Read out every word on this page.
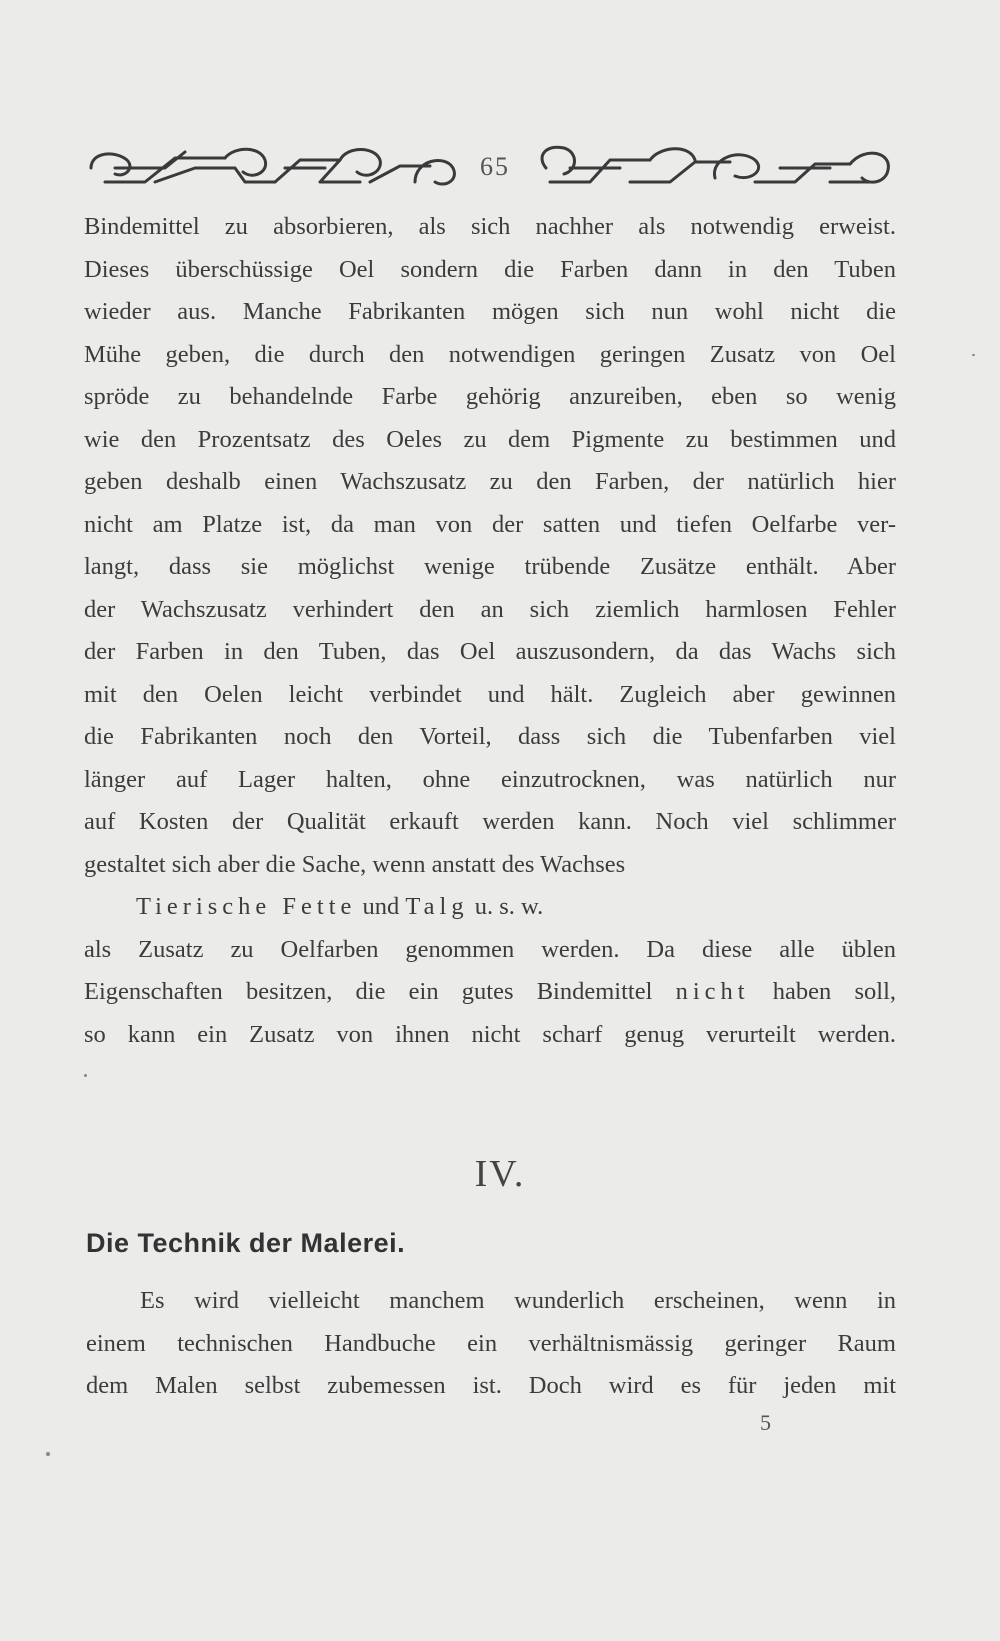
65
Bindemittel zu absorbieren, als sich nachher als notwendig erweist.
Dieses überschüssige Oel sondern die Farben dann in den Tuben
wieder aus. Manche Fabrikanten mögen sich nun wohl nicht die
Mühe geben, die durch den notwendigen geringen Zusatz von Oel
spröde zu behandelnde Farbe gehörig anzureiben, eben so wenig
wie den Prozentsatz des Oeles zu dem Pigmente zu bestimmen und
geben deshalb einen Wachszusatz zu den Farben, der natürlich hier
nicht am Platze ist, da man von der satten und tiefen Oelfarbe ver-
langt, dass sie möglichst wenige trübende Zusätze enthält. Aber
der Wachszusatz verhindert den an sich ziemlich harmlosen Fehler
der Farben in den Tuben, das Oel auszusondern, da das Wachs sich
mit den Oelen leicht verbindet und hält. Zugleich aber gewinnen
die Fabrikanten noch den Vorteil, dass sich die Tubenfarben viel
länger auf Lager halten, ohne einzutrocknen, was natürlich nur
auf Kosten der Qualität erkauft werden kann. Noch viel schlimmer
gestaltet sich aber die Sache, wenn anstatt des Wachses
Tierische Fette und Talg u. s. w.
als Zusatz zu Oelfarben genommen werden. Da diese alle üblen
Eigenschaften besitzen, die ein gutes Bindemittel nicht haben soll,
so kann ein Zusatz von ihnen nicht scharf genug verurteilt werden.
IV.
Die Technik der Malerei.
Es wird vielleicht manchem wunderlich erscheinen, wenn in
einem technischen Handbuche ein verhältnismässig geringer Raum
dem Malen selbst zubemessen ist. Doch wird es für jeden mit
5
